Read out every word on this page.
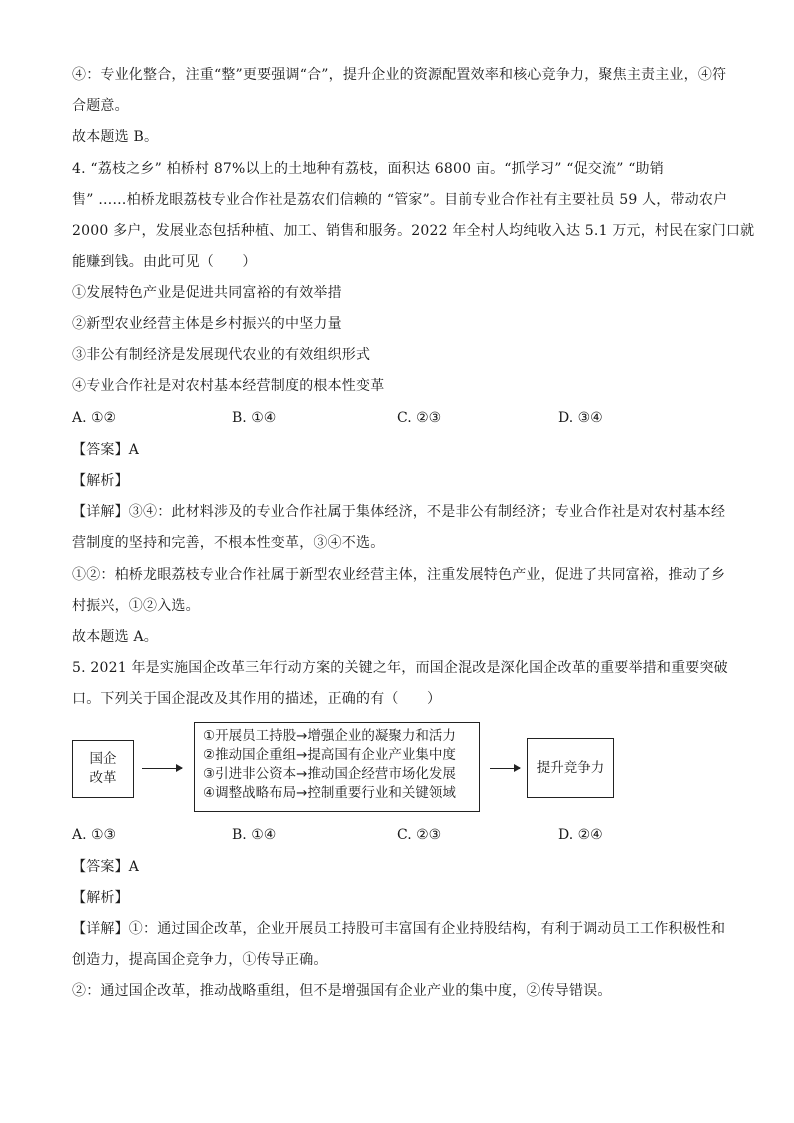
④：专业化整合，注重“整”更要强调“合”，提升企业的资源配置效率和核心竞争力，聚焦主责主业，④符
合题意。
故本题选 B。
4. “荔枝之乡” 柏桥村 87%以上的土地种有荔枝，面积达 6800 亩。“抓学习” “促交流” “助销
售” ……柏桥龙眼荔枝专业合作社是荔农们信赖的 “管家”。目前专业合作社有主要社员 59 人，带动农户
2000 多户，发展业态包括种植、加工、销售和服务。2022 年全村人均纯收入达 5.1 万元，村民在家门口就
能赚到钱。由此可见（　　）
①发展特色产业是促进共同富裕的有效举措
②新型农业经营主体是乡村振兴的中坚力量
③非公有制经济是发展现代农业的有效组织形式
④专业合作社是对农村基本经营制度的根本性变革
A. ①②	B. ①④	C. ②③	D. ③④
【答案】A
【解析】
【详解】③④：此材料涉及的专业合作社属于集体经济，不是非公有制经济；专业合作社是对农村基本经
营制度的坚持和完善，不根本性变革，③④不选。
①②：柏桥龙眼荔枝专业合作社属于新型农业经营主体，注重发展特色产业，促进了共同富裕，推动了乡
村振兴，①②入选。
故本题选 A。
5. 2021 年是实施国企改革三年行动方案的关键之年，而国企混改是深化国企改革的重要举措和重要突破
口。下列关于国企混改及其作用的描述，正确的有（　　）
国企
改革
①开展员工持股→增强企业的凝聚力和活力
②推动国企重组→提高国有企业产业集中度
③引进非公资本→推动国企经营市场化发展
④调整战略布局→控制重要行业和关键领域
提升竞争力
A. ①③	B. ①④	C. ②③	D. ②④
【答案】A
【解析】
【详解】①：通过国企改革，企业开展员工持股可丰富国有企业持股结构，有利于调动员工工作积极性和
创造力，提高国企竞争力，①传导正确。
②：通过国企改革，推动战略重组，但不是增强国有企业产业的集中度，②传导错误。
